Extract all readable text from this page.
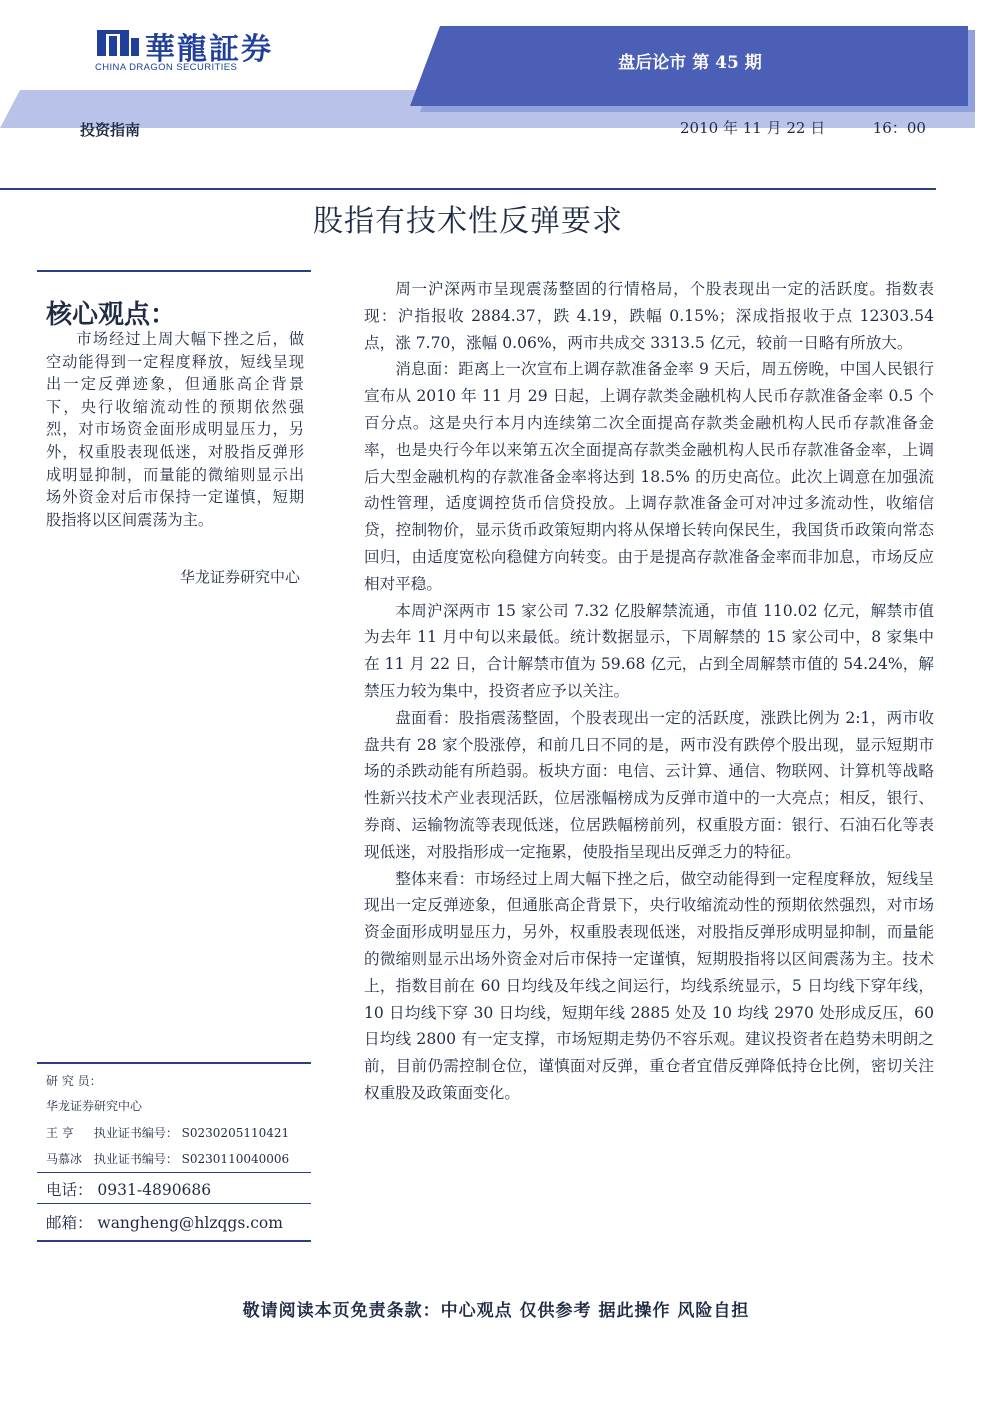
華龍証券
CHINA DRAGON SECURITIES	盘后论市 第 45 期
投资指南	2010 年 11 月 22 日	16：00
股指有技术性反弹要求
核心观点：
市场经过上周大幅下挫之后，做空动能得到一定程度释放，短线呈现出一定反弹迹象，但通胀高企背景下，央行收缩流动性的预期依然强烈，对市场资金面形成明显压力，另外，权重股表现低迷，对股指反弹形成明显抑制，而量能的微缩则显示出场外资金对后市保持一定谨慎，短期股指将以区间震荡为主。
华龙证券研究中心
研 究 员：
华龙证券研究中心
王 亨 执业证书编号： S0230205110421
马慕冰 执业证书编号： S0230110040006
电话： 0931-4890686
邮箱： wangheng@hlzqgs.com

周一沪深两市呈现震荡整固的行情格局，个股表现出一定的活跃度。指数表现：沪指报收 2884.37，跌 4.19，跌幅 0.15%；深成指报收于点 12303.54 点，涨 7.70，涨幅 0.06%，两市共成交 3313.5 亿元，较前一日略有所放大。

消息面：距离上一次宣布上调存款准备金率 9 天后，周五傍晚，中国人民银行宣布从 2010 年 11 月 29 日起，上调存款类金融机构人民币存款准备金率 0.5 个百分点。这是央行本月内连续第二次全面提高存款类金融机构人民币存款准备金率，也是央行今年以来第五次全面提高存款类金融机构人民币存款准备金率，上调后大型金融机构的存款准备金率将达到 18.5% 的历史高位。此次上调意在加强流动性管理，适度调控货币信贷投放。上调存款准备金可对冲过多流动性，收缩信贷，控制物价，显示货币政策短期内将从保增长转向保民生，我国货币政策向常态回归，由适度宽松向稳健方向转变。由于是提高存款准备金率而非加息，市场反应相对平稳。

本周沪深两市 15 家公司 7.32 亿股解禁流通，市值 110.02 亿元，解禁市值为去年 11 月中旬以来最低。统计数据显示，下周解禁的 15 家公司中，8 家集中在 11 月 22 日，合计解禁市值为 59.68 亿元，占到全周解禁市值的 54.24%，解禁压力较为集中，投资者应予以关注。

盘面看：股指震荡整固，个股表现出一定的活跃度，涨跌比例为 2:1，两市收盘共有 28 家个股涨停，和前几日不同的是，两市没有跌停个股出现，显示短期市场的杀跌动能有所趋弱。板块方面：电信、云计算、通信、物联网、计算机等战略性新兴技术产业表现活跃，位居涨幅榜成为反弹市道中的一大亮点；相反，银行、券商、运输物流等表现低迷，位居跌幅榜前列，权重股方面：银行、石油石化等表现低迷，对股指形成一定拖累，使股指呈现出反弹乏力的特征。

整体来看：市场经过上周大幅下挫之后，做空动能得到一定程度释放，短线呈现出一定反弹迹象，但通胀高企背景下，央行收缩流动性的预期依然强烈，对市场资金面形成明显压力，另外，权重股表现低迷，对股指反弹形成明显抑制，而量能的微缩则显示出场外资金对后市保持一定谨慎，短期股指将以区间震荡为主。技术上，指数目前在 60 日均线及年线之间运行，均线系统显示，5 日均线下穿年线，10 日均线下穿 30 日均线，短期年线 2885 处及 10 均线 2970 处形成反压，60 日均线 2800 有一定支撑，市场短期走势仍不容乐观。建议投资者在趋势未明朗之前，目前仍需控制仓位，谨慎面对反弹，重仓者宜借反弹降低持仓比例，密切关注权重股及政策面变化。

敬请阅读本页免责条款：中心观点 仅供参考 据此操作 风险自担
